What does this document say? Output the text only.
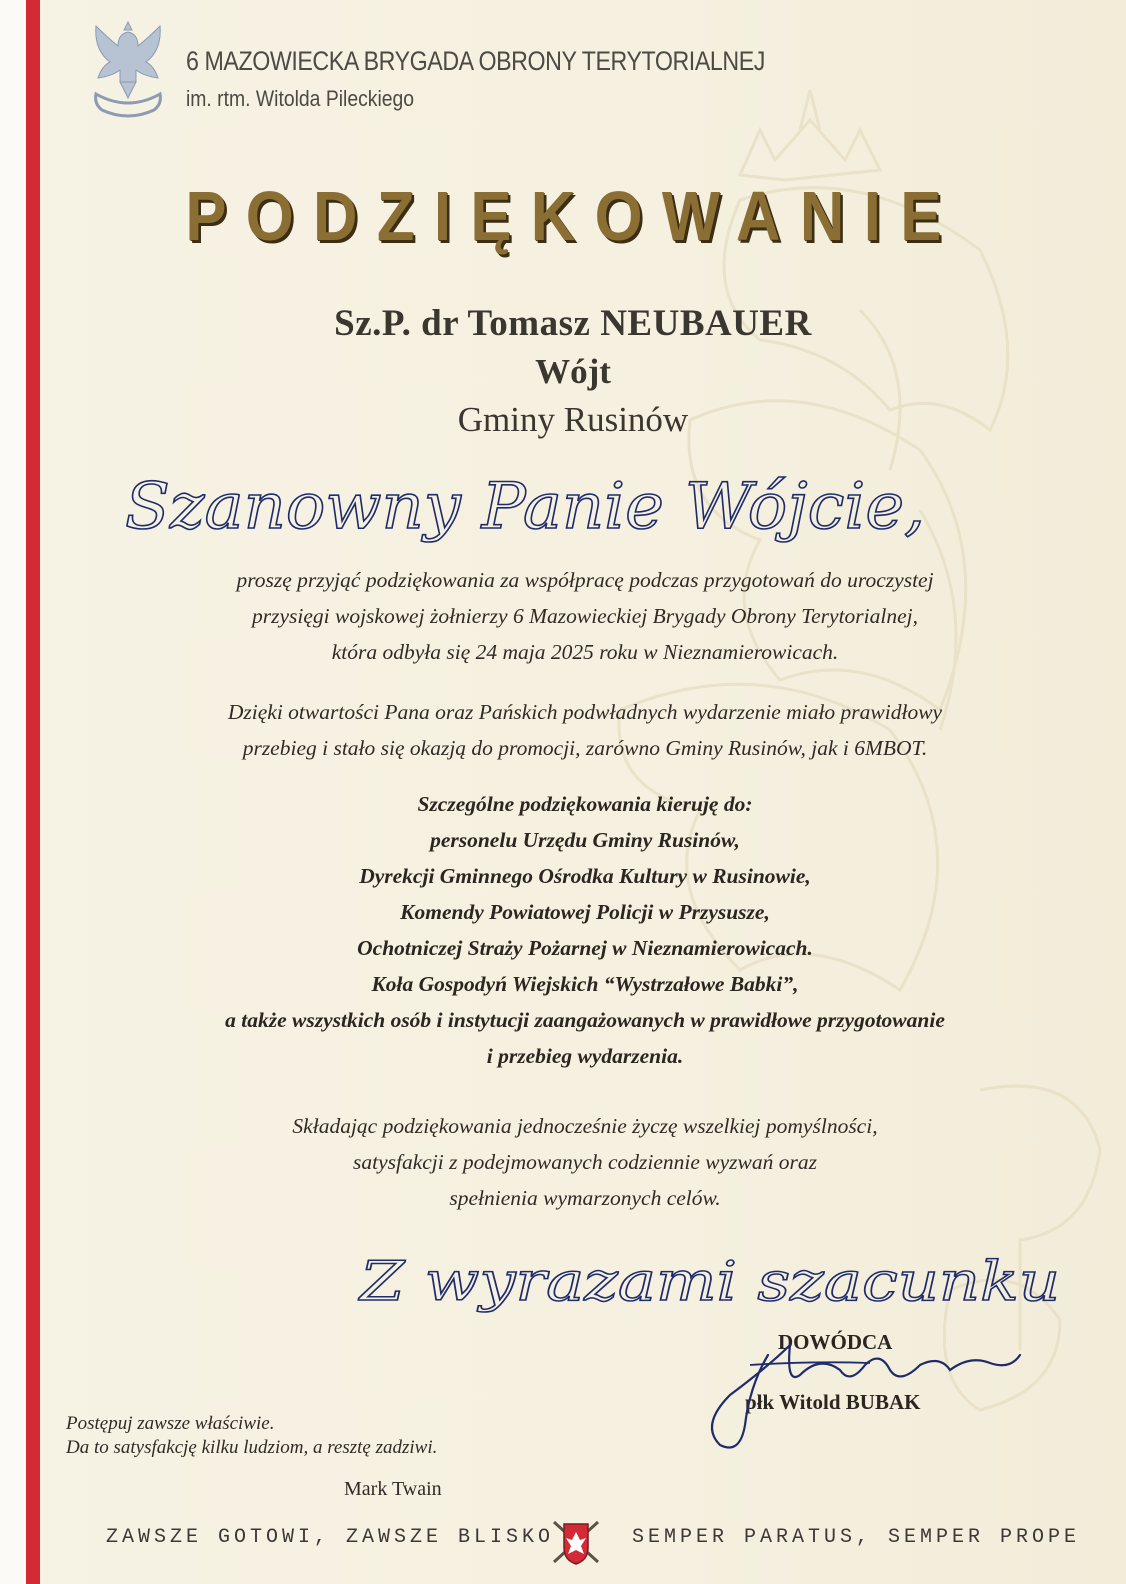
6 MAZOWIECKA BRYGADA OBRONY TERYTORIALNEJ
im. rtm. Witolda Pileckiego
PODZIĘKOWANIE
Sz.P. dr Tomasz NEUBAUER
Wójt
Gminy Rusinów
Szanowny Panie Wójcie,
proszę przyjąć podziękowania za współpracę podczas przygotowań do uroczystej
przysięgi wojskowej żołnierzy 6 Mazowieckiej Brygady Obrony Terytorialnej,
która odbyła się 24 maja 2025 roku w Nieznamierowicach.
Dzięki otwartości Pana oraz Pańskich podwładnych wydarzenie miało prawidłowy
przebieg i stało się okazją do promocji, zarówno Gminy Rusinów, jak i 6MBOT.
Szczególne podziękowania kieruję do:
personelu Urzędu Gminy Rusinów,
Dyrekcji Gminnego Ośrodka Kultury w Rusinowie,
Komendy Powiatowej Policji w Przysusze,
Ochotniczej Straży Pożarnej w Nieznamierowicach.
Koła Gospodyń Wiejskich “Wystrzałowe Babki”,
a także wszystkich osób i instytucji zaangażowanych w prawidłowe przygotowanie
i przebieg wydarzenia.
Składając podziękowania jednocześnie życzę wszelkiej pomyślności,
satysfakcji z podejmowanych codziennie wyzwań oraz
spełnienia wymarzonych celów.
Z wyrazami szacunku
DOWÓDCA
płk Witold BUBAK
Postępuj zawsze właściwie.
Da to satysfakcję kilku ludziom, a resztę zadziwi.
Mark Twain
ZAWSZE GOTOWI, ZAWSZE BLISKO	SEMPER PARATUS, SEMPER PROPE
